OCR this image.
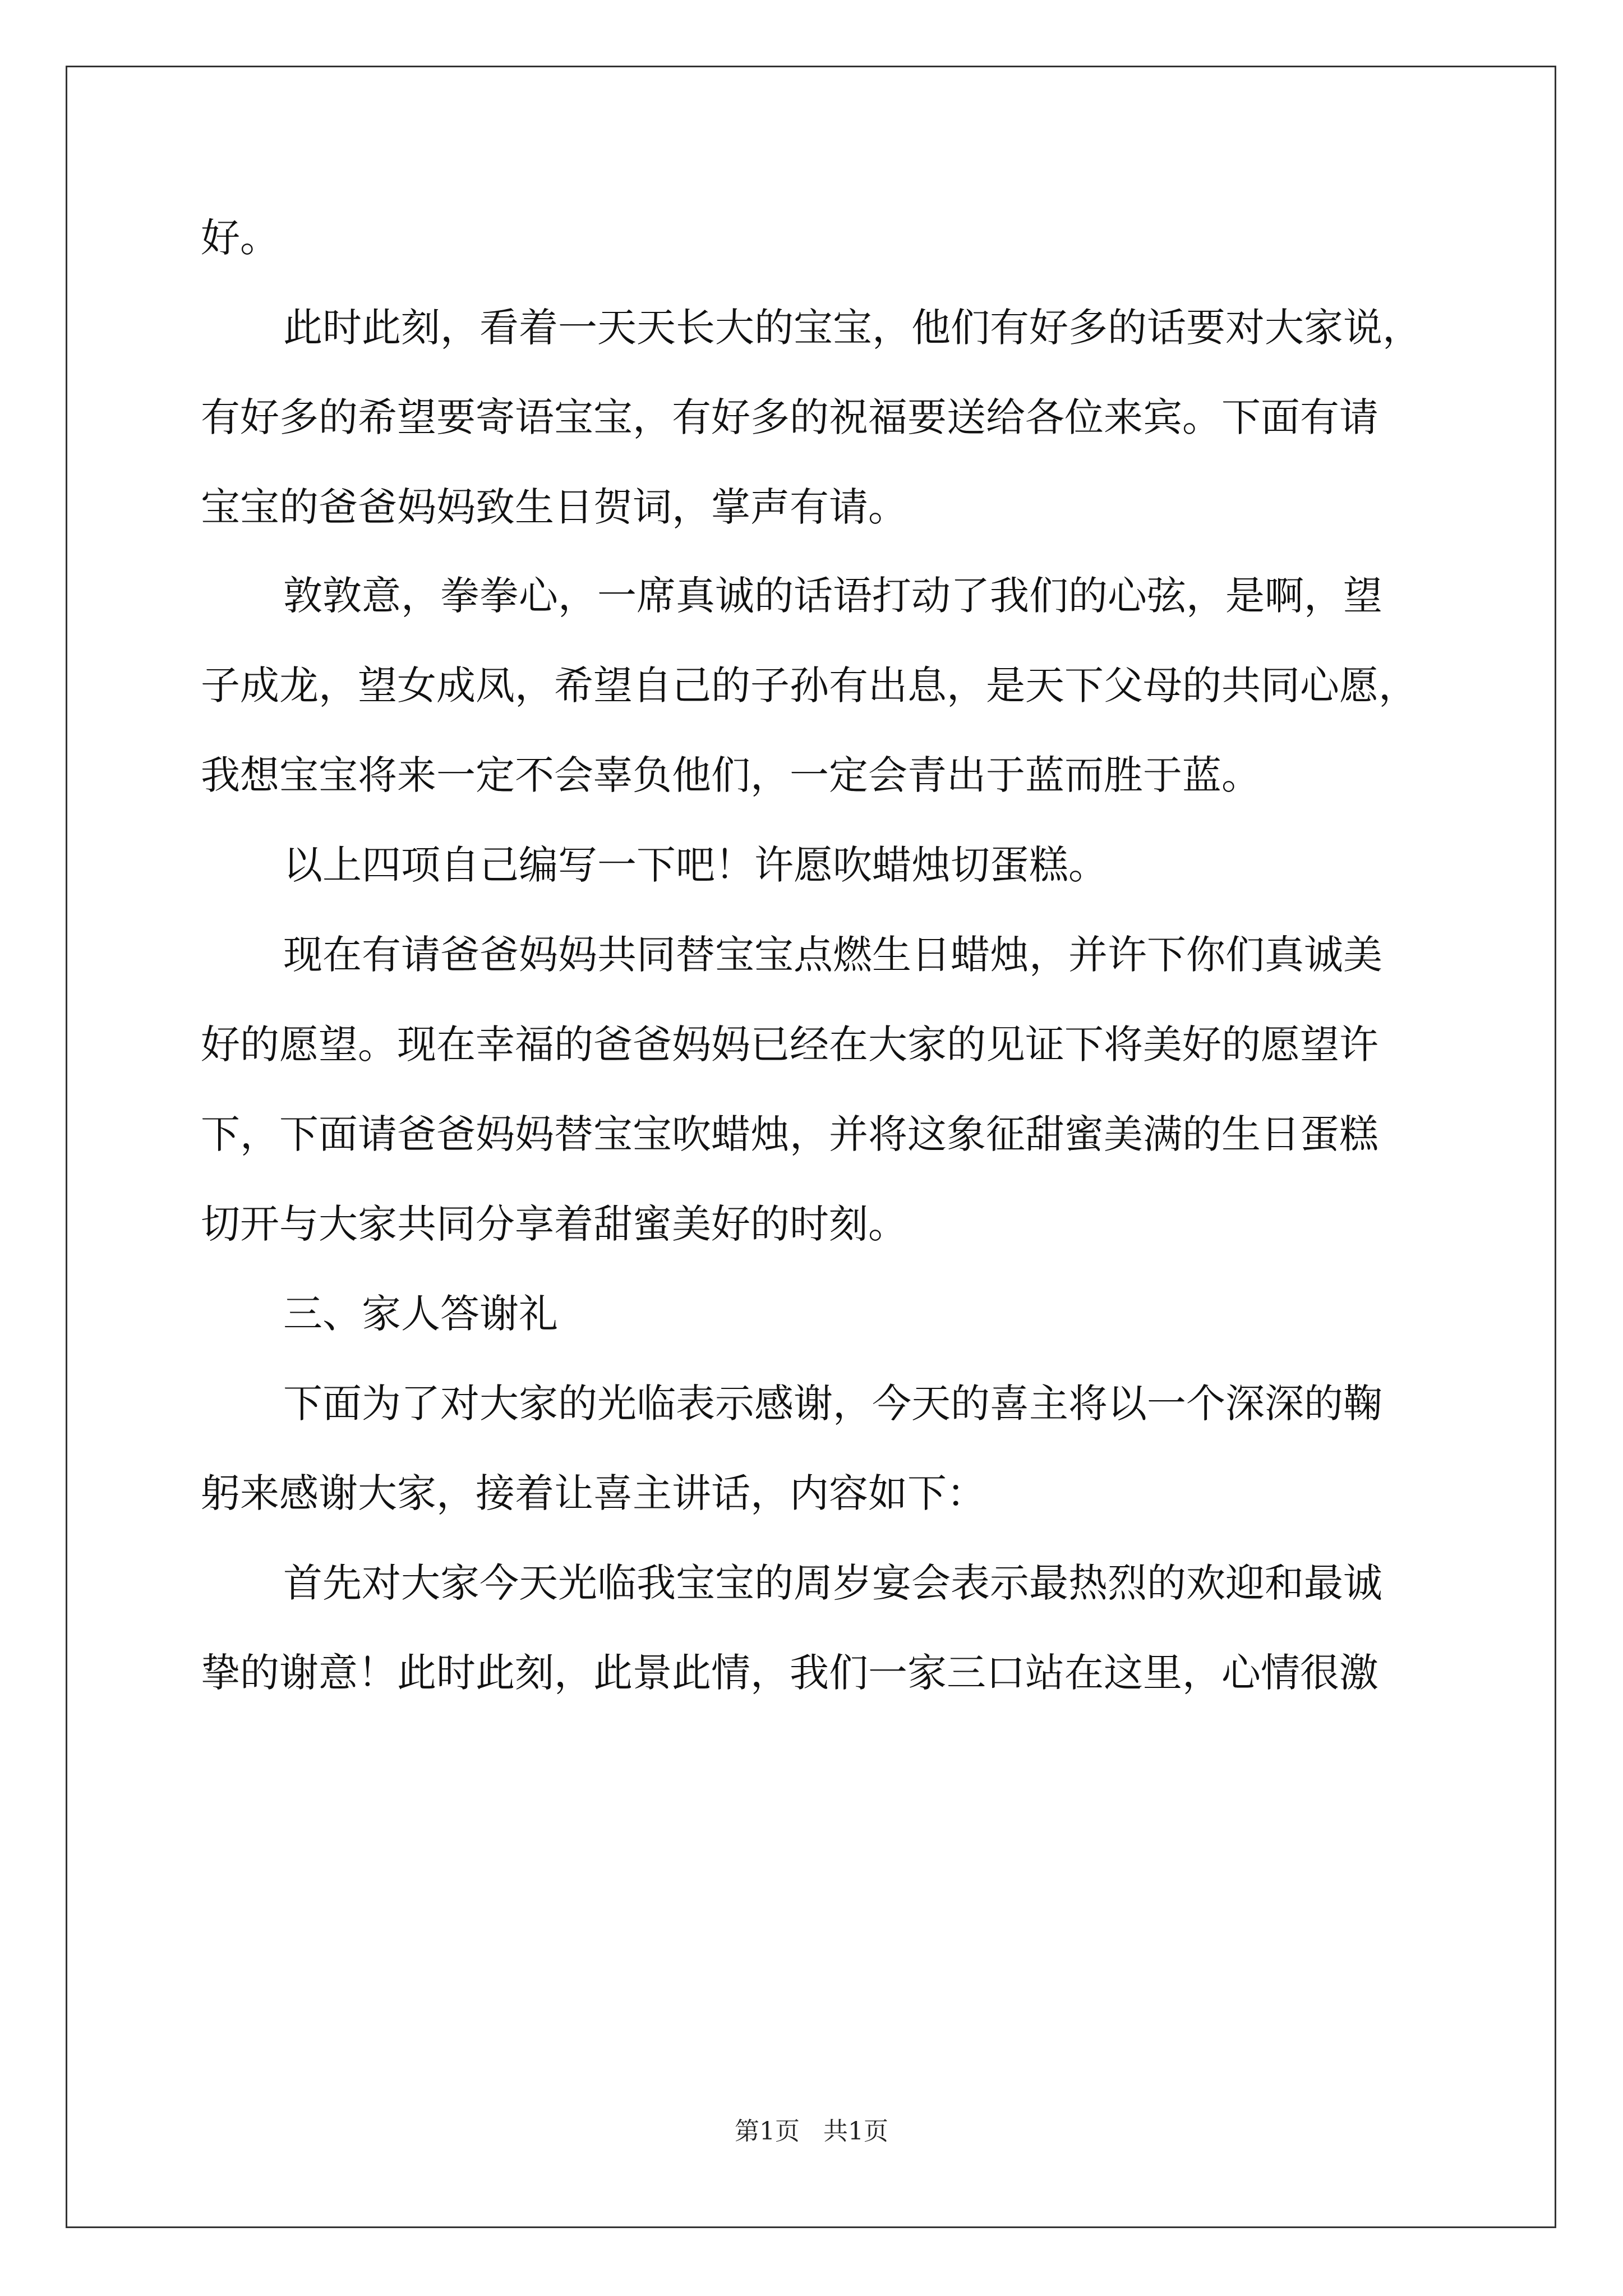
好。
此时此刻，看着一天天长大的宝宝，他们有好多的话要对大家说，
有好多的希望要寄语宝宝，有好多的祝福要送给各位来宾。下面有请
宝宝的爸爸妈妈致生日贺词，掌声有请。
敦敦意，拳拳心，一席真诚的话语打动了我们的心弦，是啊，望
子成龙，望女成凤，希望自己的子孙有出息，是天下父母的共同心愿，
我想宝宝将来一定不会辜负他们，一定会青出于蓝而胜于蓝。
以上四项自己编写一下吧！许愿吹蜡烛切蛋糕。
现在有请爸爸妈妈共同替宝宝点燃生日蜡烛，并许下你们真诚美
好的愿望。现在幸福的爸爸妈妈已经在大家的见证下将美好的愿望许
下，下面请爸爸妈妈替宝宝吹蜡烛，并将这象征甜蜜美满的生日蛋糕
切开与大家共同分享着甜蜜美好的时刻。
三、家人答谢礼
下面为了对大家的光临表示感谢，今天的喜主将以一个深深的鞠
躬来感谢大家，接着让喜主讲话，内容如下：
首先对大家今天光临我宝宝的周岁宴会表示最热烈的欢迎和最诚
挚的谢意！此时此刻，此景此情，我们一家三口站在这里，心情很激
第1页   共1页
